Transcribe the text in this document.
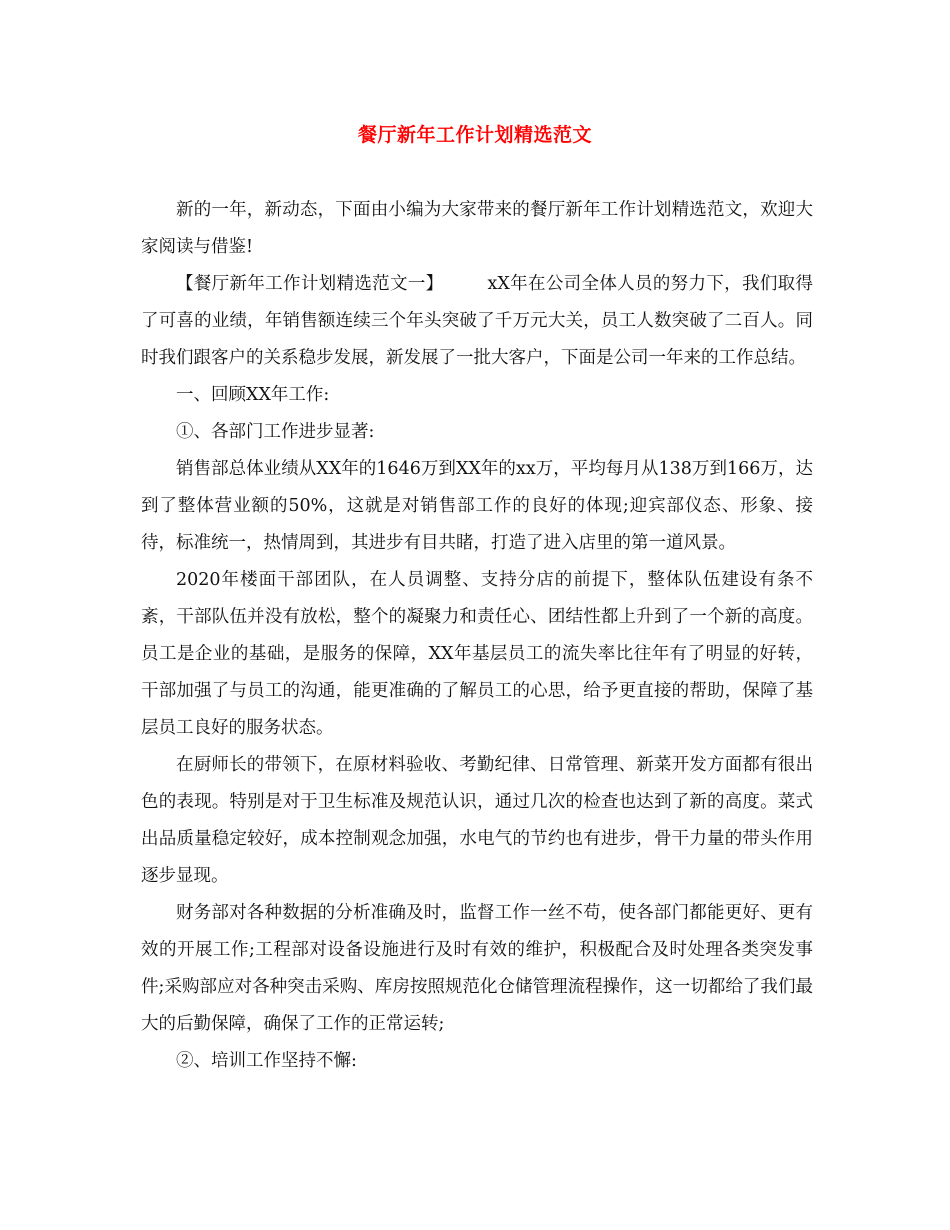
餐厅新年工作计划精选范文

新的一年，新动态，下面由小编为大家带来的餐厅新年工作计划精选范文，欢迎大家阅读与借鉴!

【餐厅新年工作计划精选范文一】	xX年在公司全体人员的努力下，我们取得了可喜的业绩，年销售额连续三个年头突破了千万元大关，员工人数突破了二百人。同时我们跟客户的关系稳步发展，新发展了一批大客户，下面是公司一年来的工作总结。

一、回顾XX年工作:

①、各部门工作进步显著:

销售部总体业绩从XX年的1646万到XX年的xx万，平均每月从138万到166万，达到了整体营业额的50%，这就是对销售部工作的良好的体现;迎宾部仪态、形象、接待，标准统一，热情周到，其进步有目共睹，打造了进入店里的第一道风景。

2020年楼面干部团队，在人员调整、支持分店的前提下，整体队伍建设有条不紊，干部队伍并没有放松，整个的凝聚力和责任心、团结性都上升到了一个新的高度。员工是企业的基础，是服务的保障，XX年基层员工的流失率比往年有了明显的好转，干部加强了与员工的沟通，能更准确的了解员工的心思，给予更直接的帮助，保障了基层员工良好的服务状态。

在厨师长的带领下，在原材料验收、考勤纪律、日常管理、新菜开发方面都有很出色的表现。特别是对于卫生标准及规范认识，通过几次的检查也达到了新的高度。菜式出品质量稳定较好，成本控制观念加强，水电气的节约也有进步，骨干力量的带头作用逐步显现。

财务部对各种数据的分析准确及时，监督工作一丝不苟，使各部门都能更好、更有效的开展工作;工程部对设备设施进行及时有效的维护，积极配合及时处理各类突发事件;采购部应对各种突击采购、库房按照规范化仓储管理流程操作，这一切都给了我们最大的后勤保障，确保了工作的正常运转;

②、培训工作坚持不懈:
